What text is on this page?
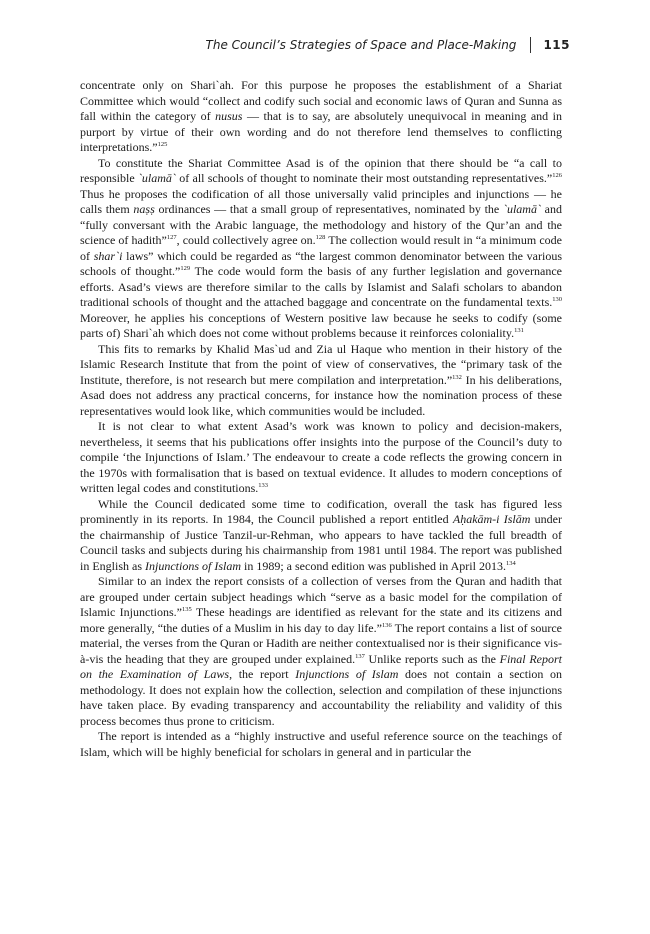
The Council’s Strategies of Space and Place-Making 115

concentrate only on Shari`ah. For this purpose he proposes the establishment of a Shariat Committee which would “collect and codify such social and economic laws of Quran and Sunna as fall within the category of nusus — that is to say, are absolutely unequivocal in meaning and in purport by virtue of their own wording and do not therefore lend themselves to conflicting interpretations.”$^{125}$

To constitute the Shariat Committee Asad is of the opinion that there should be “a call to responsible `ulamā` of all schools of thought to nominate their most outstanding representatives.”$^{126}$ Thus he proposes the codification of all those universally valid principles and injunctions — he calls them naṣṣ ordinances — that a small group of representatives, nominated by the `ulamā` and “fully conversant with the Arabic language, the methodology and history of the Qur’an and the science of hadith”$^{127}$, could collectively agree on.$^{128}$ The collection would result in “a minimum code of shar`i laws” which could be regarded as “the largest common denominator between the various schools of thought.”$^{129}$ The code would form the basis of any further legislation and governance efforts. Asad’s views are therefore similar to the calls by Islamist and Salafi scholars to abandon traditional schools of thought and the attached baggage and concentrate on the fundamental texts.$^{130}$ Moreover, he applies his conceptions of Western positive law because he seeks to codify (some parts of) Shari`ah which does not come without problems because it reinforces coloniality.$^{131}$

This fits to remarks by Khalid Mas`ud and Zia ul Haque who mention in their history of the Islamic Research Institute that from the point of view of conservatives, the “primary task of the Institute, therefore, is not research but mere compilation and interpretation.”$^{132}$ In his deliberations, Asad does not address any practical concerns, for instance how the nomination process of these representatives would look like, which communities would be included.

It is not clear to what extent Asad’s work was known to policy and decision-makers, nevertheless, it seems that his publications offer insights into the purpose of the Council’s duty to compile ‘the Injunctions of Islam.’ The endeavour to create a code reflects the growing concern in the 1970s with formalisation that is based on textual evidence. It alludes to modern conceptions of written legal codes and constitutions.$^{133}$

While the Council dedicated some time to codification, overall the task has figured less prominently in its reports. In 1984, the Council published a report entitled Aḥakām-i Islām under the chairmanship of Justice Tanzil-ur-Rehman, who appears to have tackled the full breadth of Council tasks and subjects during his chairmanship from 1981 until 1984. The report was published in English as Injunctions of Islam in 1989; a second edition was published in April 2013.$^{134}$

Similar to an index the report consists of a collection of verses from the Quran and hadith that are grouped under certain subject headings which “serve as a basic model for the compilation of Islamic Injunctions.”$^{135}$ These headings are identified as relevant for the state and its citizens and more generally, “the duties of a Muslim in his day to day life.”$^{136}$ The report contains a list of source material, the verses from the Quran or Hadith are neither contextualised nor is their significance vis-à-vis the heading that they are grouped under explained.$^{137}$ Unlike reports such as the Final Report on the Examination of Laws, the report Injunctions of Islam does not contain a section on methodology. It does not explain how the collection, selection and compilation of these injunctions have taken place. By evading transparency and accountability the reliability and validity of this process becomes thus prone to criticism.

The report is intended as a “highly instructive and useful reference source on the teachings of Islam, which will be highly beneficial for scholars in general and in particular the
